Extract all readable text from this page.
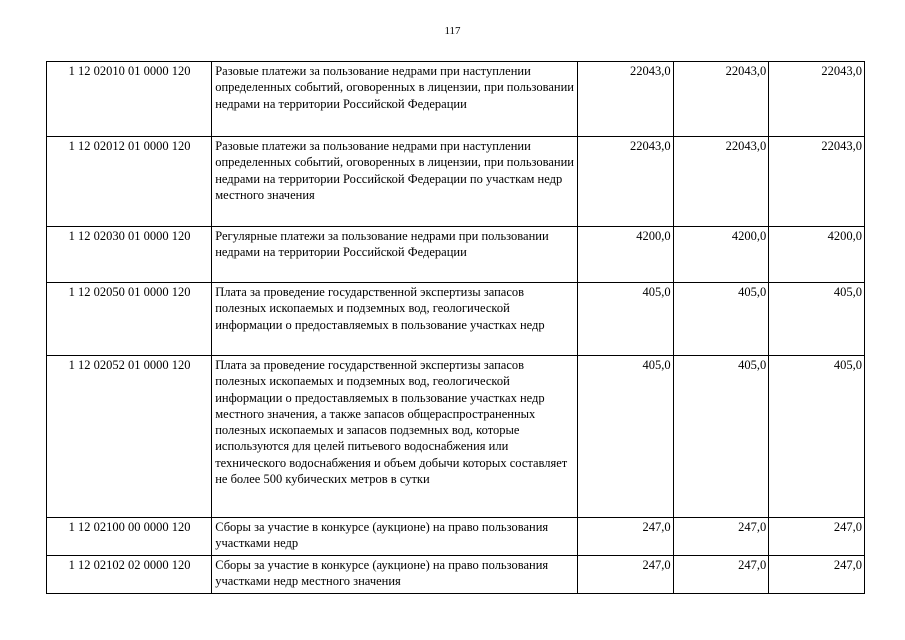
117
1 12 02010 01 0000 120	Разовые платежи за пользование недрами при наступлении определенных событий, оговоренных в лицензии, при пользовании недрами на территории Российской Федерации	22043,0	22043,0	22043,0
1 12 02012 01 0000 120	Разовые платежи за пользование недрами при наступлении определенных событий, оговоренных в лицензии, при пользовании недрами на территории Российской Федерации по участкам недр местного значения	22043,0	22043,0	22043,0
1 12 02030 01 0000 120	Регулярные платежи за пользование недрами при пользовании недрами на территории Российской Федерации	4200,0	4200,0	4200,0
1 12 02050 01 0000 120	Плата за проведение государственной экспертизы запасов полезных ископаемых и подземных вод, геологической информации о предоставляемых в пользование участках недр	405,0	405,0	405,0
1 12 02052 01 0000 120	Плата за проведение государственной экспертизы запасов полезных ископаемых и подземных вод, геологической информации о предоставляемых в пользование участках недр местного значения, а также запасов общераспространенных полезных ископаемых и запасов подземных вод, которые используются для целей питьевого водоснабжения или технического водоснабжения и объем добычи которых составляет не более 500 кубических метров в сутки	405,0	405,0	405,0
1 12 02100 00 0000 120	Сборы за участие в конкурсе (аукционе) на право пользования участками недр	247,0	247,0	247,0
1 12 02102 02 0000 120	Сборы за участие в конкурсе (аукционе) на право пользования участками недр местного значения	247,0	247,0	247,0
